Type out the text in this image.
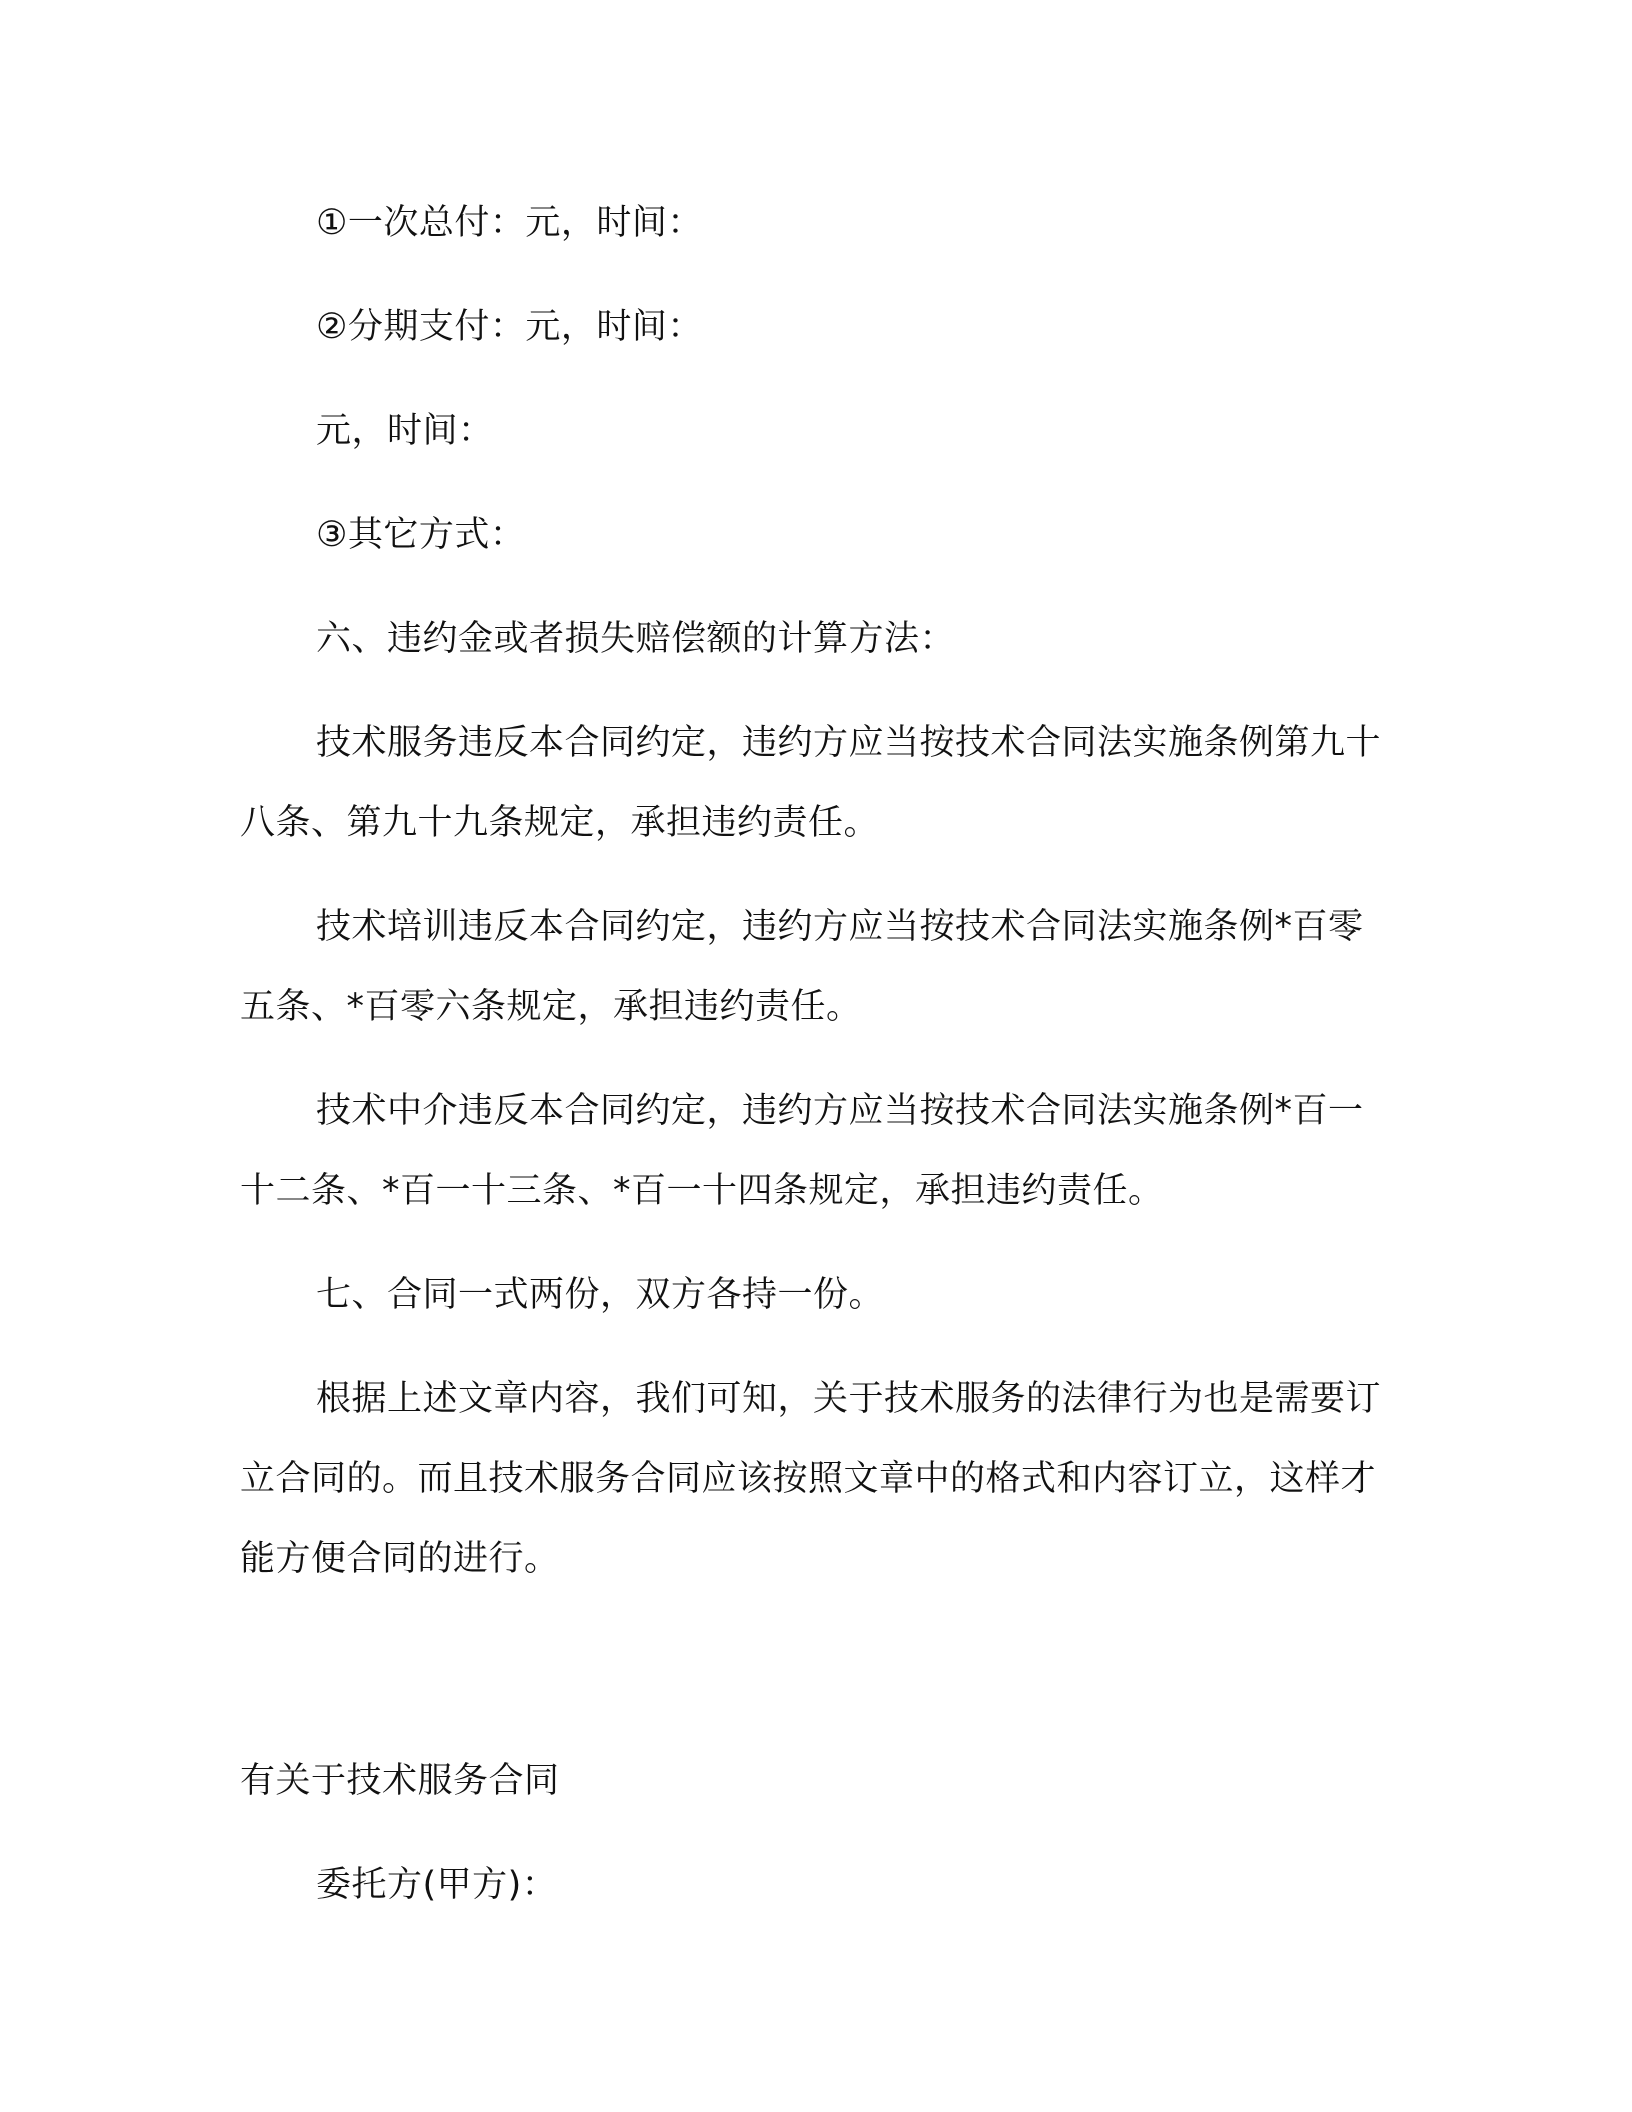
①一次总付：元，时间：

②分期支付：元，时间：

元，时间：

③其它方式：

六、违约金或者损失赔偿额的计算方法：

技术服务违反本合同约定，违约方应当按技术合同法实施条例第九十八条、第九十九条规定，承担违约责任。

技术培训违反本合同约定，违约方应当按技术合同法实施条例*百零五条、*百零六条规定，承担违约责任。

技术中介违反本合同约定，违约方应当按技术合同法实施条例*百一十二条、*百一十三条、*百一十四条规定，承担违约责任。

七、合同一式两份，双方各持一份。

根据上述文章内容，我们可知，关于技术服务的法律行为也是需要订立合同的。而且技术服务合同应该按照文章中的格式和内容订立，这样才能方便合同的进行。

有关于技术服务合同

委托方(甲方)：
